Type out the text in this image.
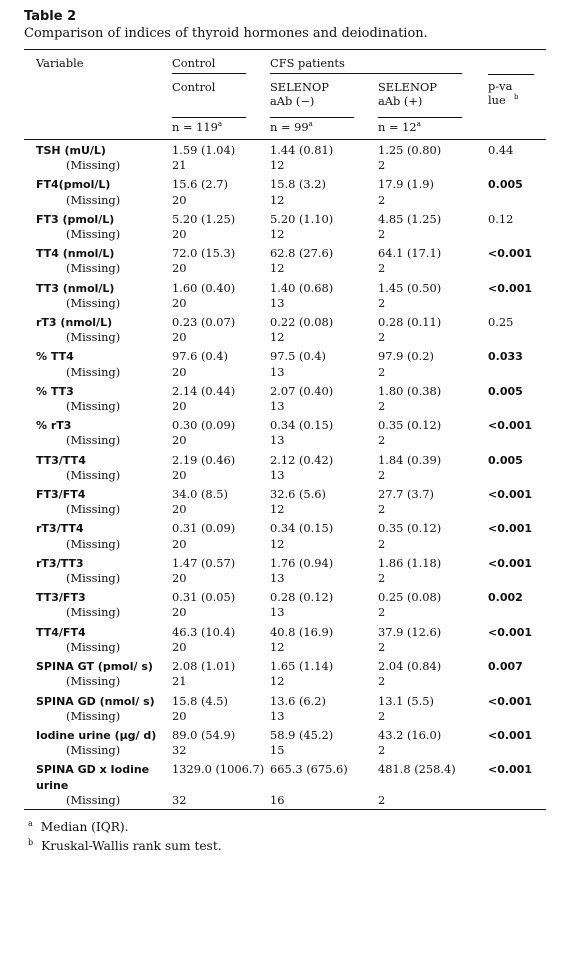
Table 2
Comparison of indices of thyroid hormones and deiodination.
Variable	Control	CFS patients		

	Control	SELENOP aAb (−)	SELENOP aAb (+)	p-value $^b$

	$n = 119^a$	$n = 99^a$	$n = 12^a$	

TSH (mU/L)	1.59 (1.04)	1.44 (0.81)	1.25 (0.80)	0.44
(Missing)	21	12	2	
FT4(pmol/L)	15.6 (2.7)	15.8 (3.2)	17.9 (1.9)	0.005
(Missing)	20	12	2	
FT3 (pmol/L)	5.20 (1.25)	5.20 (1.10)	4.85 (1.25)	0.12
(Missing)	20	12	2	
TT4 (nmol/L)	72.0 (15.3)	62.8 (27.6)	64.1 (17.1)	<0.001
(Missing)	20	12	2	
TT3 (nmol/L)	1.60 (0.40)	1.40 (0.68)	1.45 (0.50)	<0.001
(Missing)	20	13	2	
rT3 (nmol/L)	0.23 (0.07)	0.22 (0.08)	0.28 (0.11)	0.25
(Missing)	20	12	2	
% TT4	97.6 (0.4)	97.5 (0.4)	97.9 (0.2)	0.033
(Missing)	20	13	2	
% TT3	2.14 (0.44)	2.07 (0.40)	1.80 (0.38)	0.005
(Missing)	20	13	2	
% rT3	0.30 (0.09)	0.34 (0.15)	0.35 (0.12)	<0.001
(Missing)	20	13	2	
TT3/TT4	2.19 (0.46)	2.12 (0.42)	1.84 (0.39)	0.005
(Missing)	20	13	2	
FT3/FT4	34.0 (8.5)	32.6 (5.6)	27.7 (3.7)	<0.001
(Missing)	20	12	2	
rT3/TT4	0.31 (0.09)	0.34 (0.15)	0.35 (0.12)	<0.001
(Missing)	20	12	2	
rT3/TT3	1.47 (0.57)	1.76 (0.94)	1.86 (1.18)	<0.001
(Missing)	20	13	2	
TT3/FT3	0.31 (0.05)	0.28 (0.12)	0.25 (0.08)	0.002
(Missing)	20	13	2	
TT4/FT4	46.3 (10.4)	40.8 (16.9)	37.9 (12.6)	<0.001
(Missing)	20	12	2	
SPINA GT (pmol/ s)	2.08 (1.01)	1.65 (1.14)	2.04 (0.84)	0.007
(Missing)	21	12	2	
SPINA GD (nmol/ s)	15.8 (4.5)	13.6 (6.2)	13.1 (5.5)	<0.001
(Missing)	20	13	2	
Iodine urine (µg/ d)	89.0 (54.9)	58.9 (45.2)	43.2 (16.0)	<0.001
(Missing)	32	15	2	
SPINA GD x Iodine urine	1329.0 (1006.7)	665.3 (675.6)	481.8 (258.4)	<0.001
(Missing)	32	16	2	
$^a$ Median (IQR).
$^b$ Kruskal-Wallis rank sum test.
